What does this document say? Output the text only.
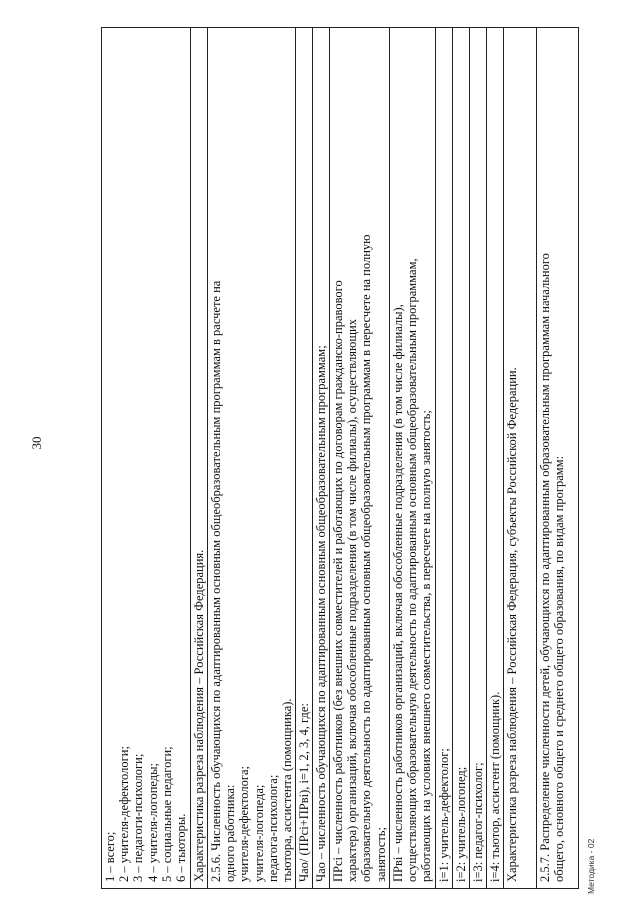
30
1 – всего; 2 – учителя-дефектологи; 3 – педагоги-психологи; 4 – учителя-логопеды; 5 – социальные педагоги; 6 – тьюторы. Характеристика разреза наблюдения – Российская Федерация. 2.5.6. Численность обучающихся по адаптированным основным общеобразовательным программам в расчете на одного работника: учителя-дефектолога; учителя-логопеда; педагога-психолога; тьютора, ассистента (помощника). Чао/ (ПРсi+ПРвi), i=1, 2, 3, 4, где: Чао – численность обучающихся по адаптированным основным общеобразовательным программам; ПРсi – численность работников (без внешних совместителей и работающих по договорам гражданско-правового характера) организаций, включая обособленные подразделения (в том числе филиалы), осуществляющих образовательную деятельность по адаптированным основным общеобразовательным программам в пересчете на полную занятость; ПРвi – численность работников организаций, включая обособленные подразделения (в том числе филиалы), осуществляющих образовательную деятельность по адаптированным основным общеобразовательным программам, работающих на условиях внешнего совместительства, в пересчете на полную занятость; i=1: учитель-дефектолог; i=2: учитель-логопед; i=3: педагог-психолог; i=4: тьютор, ассистент (помощник). Характеристика разреза наблюдения – Российская Федерация, субъекты Российской Федерации. 2.5.7. Распределение численности детей, обучающихся по адаптированным образовательным программам начального общего, основного общего и среднего общего образования, по видам программ: Методика - 02
